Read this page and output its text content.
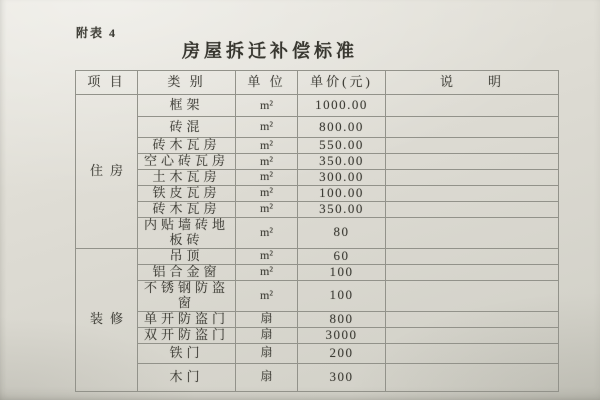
附表 4
房屋拆迁补偿标准
项 目	类 别	单 位	单价(元)	说　　明
住房	框架	m²	1000.00	
	砖混	m²	800.00	
	砖木瓦房	m²	550.00	
	空心砖瓦房	m²	350.00	
	土木瓦房	m²	300.00	
	铁皮瓦房	m²	100.00	
	砖木瓦房	m²	350.00	
	内贴墙砖地板砖	m²	80	
装修	吊顶	m²	60	
	铝合金窗	m²	100	
	不锈钢防盗窗	m²	100	
	单开防盗门	扇	800	
	双开防盗门	扇	3000	
	铁门	扇	200	
	木门	扇	300	
